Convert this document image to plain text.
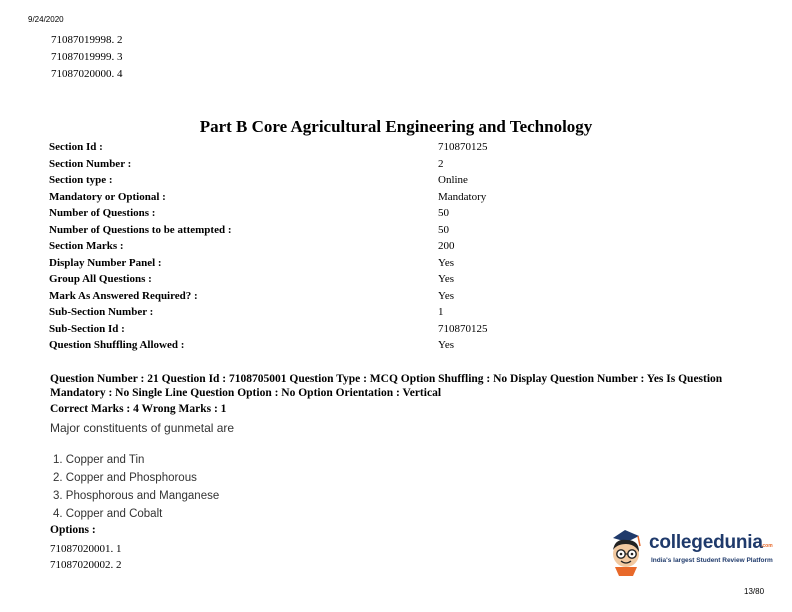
9/24/2020
71087019998. 2
71087019999. 3
71087020000. 4
Part B Core Agricultural Engineering and Technology
Section Id :	710870125
Section Number :	2
Section type :	Online
Mandatory or Optional :	Mandatory
Number of Questions :	50
Number of Questions to be attempted :	50
Section Marks :	200
Display Number Panel :	Yes
Group All Questions :	Yes
Mark As Answered Required? :	Yes
Sub-Section Number :	1
Sub-Section Id :	710870125
Question Shuffling Allowed :	Yes
Question Number : 21 Question Id : 7108705001 Question Type : MCQ Option Shuffling : No Display Question Number : Yes Is Question Mandatory : No Single Line Question Option : No Option Orientation : Vertical
Correct Marks : 4 Wrong Marks : 1
Major constituents of gunmetal are
1. Copper and Tin
2. Copper and Phosphorous
3. Phosphorous and Manganese
4. Copper and Cobalt
Options :
71087020001. 1
71087020002. 2
collegedunia
.com
India's largest Student Review Platform
13/80
